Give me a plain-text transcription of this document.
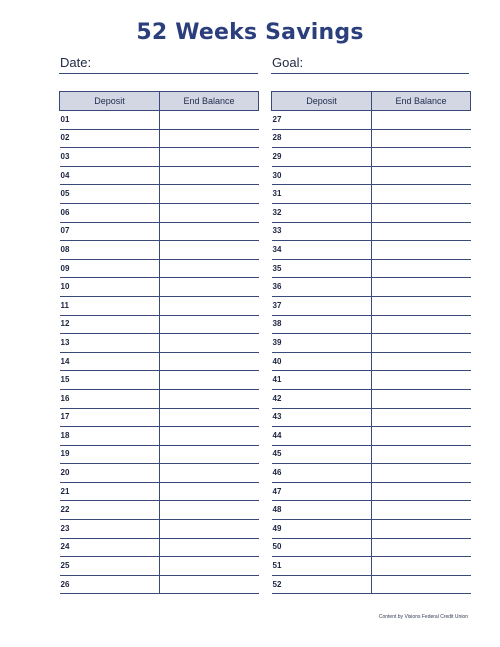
52 Weeks Savings
Date:	Goal:
Deposit	End Balance
01	
02	
03	
04	
05	
06	
07	
08	
09	
10	
11	
12	
13	
14	
15	
16	
17	
18	
19	
20	
21	
22	
23	
24	
25	
26	
Deposit	End Balance
27	
28	
29	
30	
31	
32	
33	
34	
35	
36	
37	
38	
39	
40	
41	
42	
43	
44	
45	
46	
47	
48	
49	
50	
51	
52	
Content by Visions Federal Credit Union
